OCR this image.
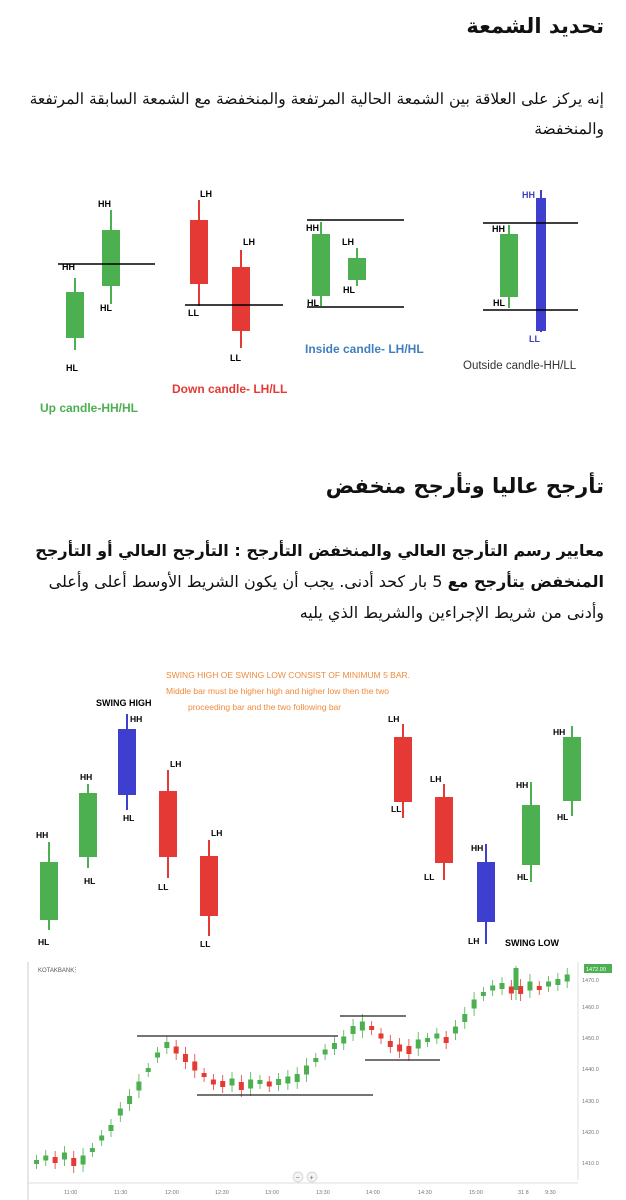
تحديد الشمعة
إنه يركز على العلاقة بين الشمعة الحالية المرتفعة والمنخفضة مع الشمعة السابقة المرتفعة والمنخفضة
HH
HH
HL
HL
LH
LH
LL
LL
HH
LH
HL
HL
HH
HH
HL
LL
Up candle-HH/HL
Down candle- LH/LL
Inside candle- LH/HL
Outside candle-HH/LL
تأرجح عاليا وتأرجح منخفض
معايير رسم التأرجح العالي والمنخفض التأرجح : التأرجح العالي أو التأرجح المنخفض يتأرجح مع 5 بار كحد أدنى. يجب أن يكون الشريط الأوسط أعلى وأعلى وأدنى من شريط الإجراءين والشريط الذي يليه
SWING HIGH OE SWING LOW CONSIST OF MINIMUM 5 BAR.
Middle bar must be higher high and higher low then the two
proceeding bar and the two following bar
SWING HIGH
SWING LOW
HH
HL
HH
HL
HH
HL
LH
LL
LH
LL
LH
LL
LH
LL
HH
LH
HH
HL
HH
HL
KOTAKBANK
⋮	1472.00
1470.0
1460.0
1450.0
1440.0
1430.0
1420.0
1410.0
11:00	11:30	12:00	12:30	13:00	13:30	14:00	14:30	15:00	31 8	9:30
− +
